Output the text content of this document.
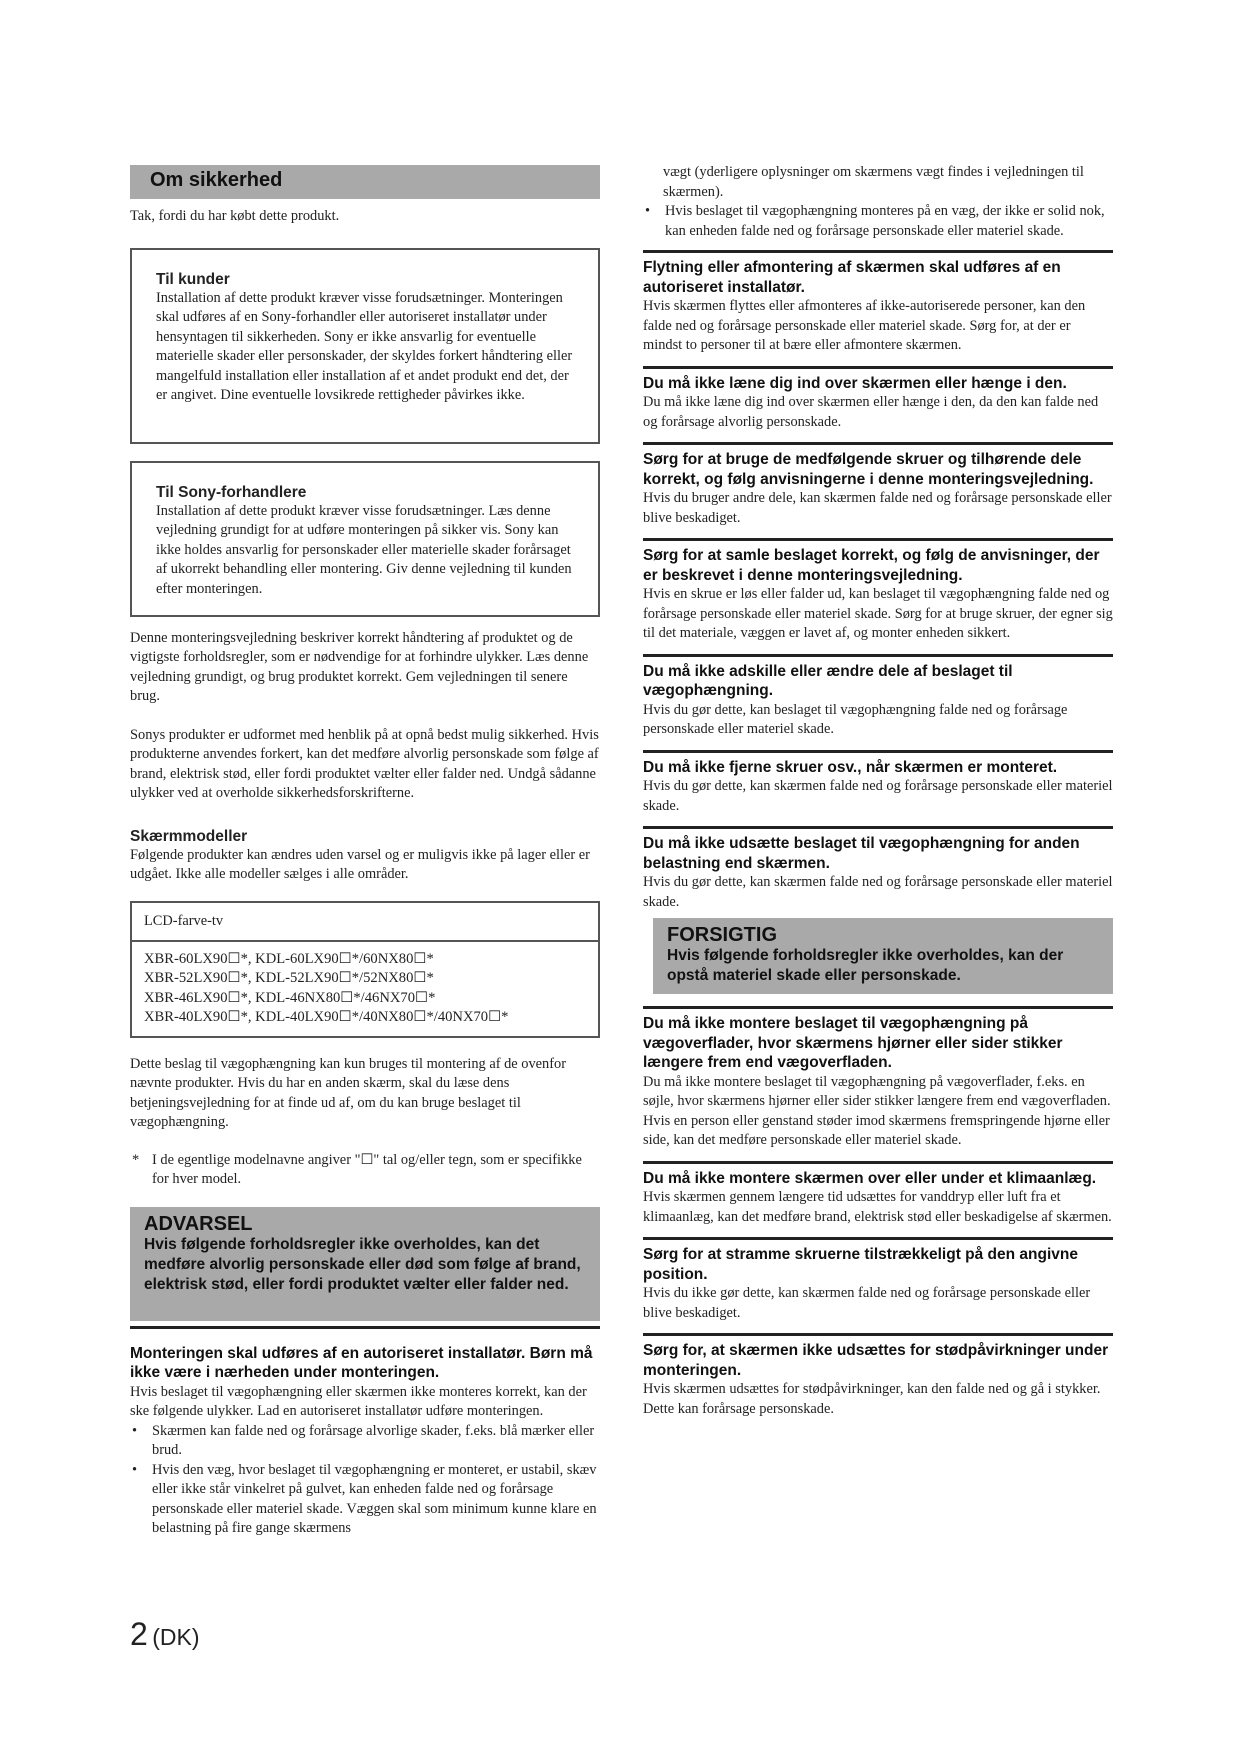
Om sikkerhed

Tak, fordi du har købt dette produkt.

Til kunder

Installation af dette produkt kræver visse forudsætninger. Monteringen skal udføres af en Sony-forhandler eller autoriseret installatør under hensyntagen til sikkerheden. Sony er ikke ansvarlig for eventuelle materielle skader eller personskader, der skyldes forkert håndtering eller mangelfuld installation eller installation af et andet produkt end det, der er angivet. Dine eventuelle lovsikrede rettigheder påvirkes ikke.

Til Sony-forhandlere

Installation af dette produkt kræver visse forudsætninger. Læs denne vejledning grundigt for at udføre monteringen på sikker vis. Sony kan ikke holdes ansvarlig for personskader eller materielle skader forårsaget af ukorrekt behandling eller montering. Giv denne vejledning til kunden efter monteringen.

Denne monteringsvejledning beskriver korrekt håndtering af produktet og de vigtigste forholdsregler, som er nødvendige for at forhindre ulykker. Læs denne vejledning grundigt, og brug produktet korrekt. Gem vejledningen til senere brug.

Sonys produkter er udformet med henblik på at opnå bedst mulig sikkerhed. Hvis produkterne anvendes forkert, kan det medføre alvorlig personskade som følge af brand, elektrisk stød, eller fordi produktet vælter eller falder ned. Undgå sådanne ulykker ved at overholde sikkerhedsforskrifterne.

Skærmmodeller

Følgende produkter kan ændres uden varsel og er muligvis ikke på lager eller er udgået. Ikke alle modeller sælges i alle områder.

LCD-farve-tv
XBR-60LX90☐*, KDL-60LX90☐*/60NX80☐*
XBR-52LX90☐*, KDL-52LX90☐*/52NX80☐*
XBR-46LX90☐*, KDL-46NX80☐*/46NX70☐*
XBR-40LX90☐*, KDL-40LX90☐*/40NX80☐*/40NX70☐*

Dette beslag til vægophængning kan kun bruges til montering af de ovenfor nævnte produkter. Hvis du har en anden skærm, skal du læse dens betjeningsvejledning for at finde ud af, om du kan bruge beslaget til vægophængning.

* I de egentlige modelnavne angiver "☐" tal og/eller tegn, som er specifikke for hver model.
ADVARSEL
Hvis følgende forholdsregler ikke overholdes, kan det medføre alvorlig personskade eller død som følge af brand, elektrisk stød, eller fordi produktet vælter eller falder ned.
Monteringen skal udføres af en autoriseret installatør. Børn må ikke være i nærheden under monteringen.

Hvis beslaget til vægophængning eller skærmen ikke monteres korrekt, kan der ske følgende ulykker. Lad en autoriseret installatør udføre monteringen.

•	Skærmen kan falde ned og forårsage alvorlige skader, f.eks. blå mærker eller brud.
•	Hvis den væg, hvor beslaget til vægophængning er monteret, er ustabil, skæv eller ikke står vinkelret på gulvet, kan enheden falde ned og forårsage personskade eller materiel skade. Væggen skal som minimum kunne klare en belastning på fire gange skærmens

vægt (yderligere oplysninger om skærmens vægt findes i vejledningen til skærmen).

•	Hvis beslaget til vægophængning monteres på en væg, der ikke er solid nok, kan enheden falde ned og forårsage personskade eller materiel skade.
Flytning eller afmontering af skærmen skal udføres af en autoriseret installatør.

Hvis skærmen flyttes eller afmonteres af ikke-autoriserede personer, kan den falde ned og forårsage personskade eller materiel skade. Sørg for, at der er mindst to personer til at bære eller afmontere skærmen.

Du må ikke læne dig ind over skærmen eller hænge i den.

Du må ikke læne dig ind over skærmen eller hænge i den, da den kan falde ned og forårsage alvorlig personskade.

Sørg for at bruge de medfølgende skruer og tilhørende dele korrekt, og følg anvisningerne i denne monteringsvejledning.

Hvis du bruger andre dele, kan skærmen falde ned og forårsage personskade eller blive beskadiget.

Sørg for at samle beslaget korrekt, og følg de anvisninger, der er beskrevet i denne monteringsvejledning.

Hvis en skrue er løs eller falder ud, kan beslaget til vægophængning falde ned og forårsage personskade eller materiel skade. Sørg for at bruge skruer, der egner sig til det materiale, væggen er lavet af, og monter enheden sikkert.

Du må ikke adskille eller ændre dele af beslaget til vægophængning.

Hvis du gør dette, kan beslaget til vægophængning falde ned og forårsage personskade eller materiel skade.

Du må ikke fjerne skruer osv., når skærmen er monteret.

Hvis du gør dette, kan skærmen falde ned og forårsage personskade eller materiel skade.

Du må ikke udsætte beslaget til vægophængning for anden belastning end skærmen.

Hvis du gør dette, kan skærmen falde ned og forårsage personskade eller materiel skade.

FORSIGTIG
Hvis følgende forholdsregler ikke overholdes, kan der opstå materiel skade eller personskade.
Du må ikke montere beslaget til vægophængning på vægoverflader, hvor skærmens hjørner eller sider stikker længere frem end vægoverfladen.

Du må ikke montere beslaget til vægophængning på vægoverflader, f.eks. en søjle, hvor skærmens hjørner eller sider stikker længere frem end vægoverfladen. Hvis en person eller genstand støder imod skærmens fremspringende hjørne eller side, kan det medføre personskade eller materiel skade.

Du må ikke montere skærmen over eller under et klimaanlæg.

Hvis skærmen gennem længere tid udsættes for vanddryp eller luft fra et klimaanlæg, kan det medføre brand, elektrisk stød eller beskadigelse af skærmen.

Sørg for at stramme skruerne tilstrækkeligt på den angivne position.

Hvis du ikke gør dette, kan skærmen falde ned og forårsage personskade eller blive beskadiget.

Sørg for, at skærmen ikke udsættes for stødpåvirkninger under monteringen.

Hvis skærmen udsættes for stødpåvirkninger, kan den falde ned og gå i stykker. Dette kan forårsage personskade.

2 (DK)
